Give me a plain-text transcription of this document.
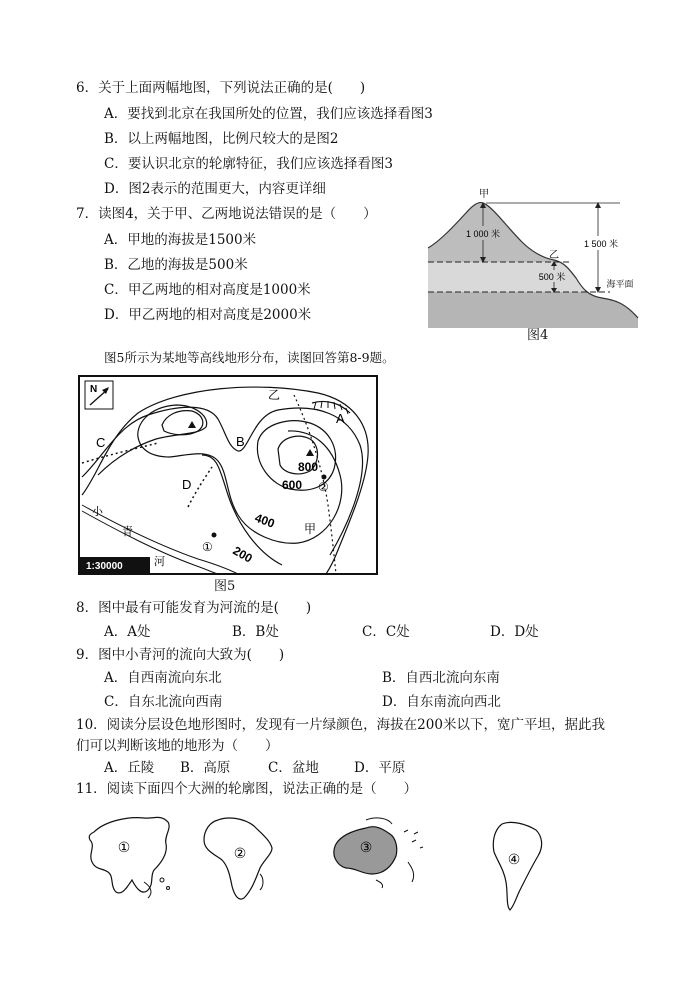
6．关于上面两幅地图，下列说法正确的是(　　)
A．要找到北京在我国所处的位置，我们应该选择看图3
B．以上两幅地图，比例尺较大的是图2
C．要认识北京的轮廓特征，我们应该选择看图3
D．图2表示的范围更大，内容更详细
7．读图4，关于甲、乙两地说法错误的是（　　）
A．甲地的海拔是1500米
B．乙地的海拔是500米
C．甲乙两地的相对高度是1000米
D．甲乙两地的相对高度是2000米
1 000 米
甲
乙
500 米
1 500 米
海平面
图4
图5所示为某地等高线地形分布，读图回答第8-9题。
N
1:30000
A
B
C
D
乙
甲
800
600
400
200
①
②
小
青
河
图5
8．图中最有可能发育为河流的是(　　)
A．A处	B．B处	C．C处	D．D处
9．图中小青河的流向大致为(　　)
A．自西南流向东北	B．自西北流向东南
C．自东北流向西南	D．自东南流向西北
10．阅读分层设色地形图时，发现有一片绿颜色，海拔在200米以下，宽广平坦，据此我
们可以判断该地的地形为（　　）
A．丘陵 B．高原	C．盆地	D．平原
11．阅读下面四个大洲的轮廓图，说法正确的是（　　）
①	②	③
④
